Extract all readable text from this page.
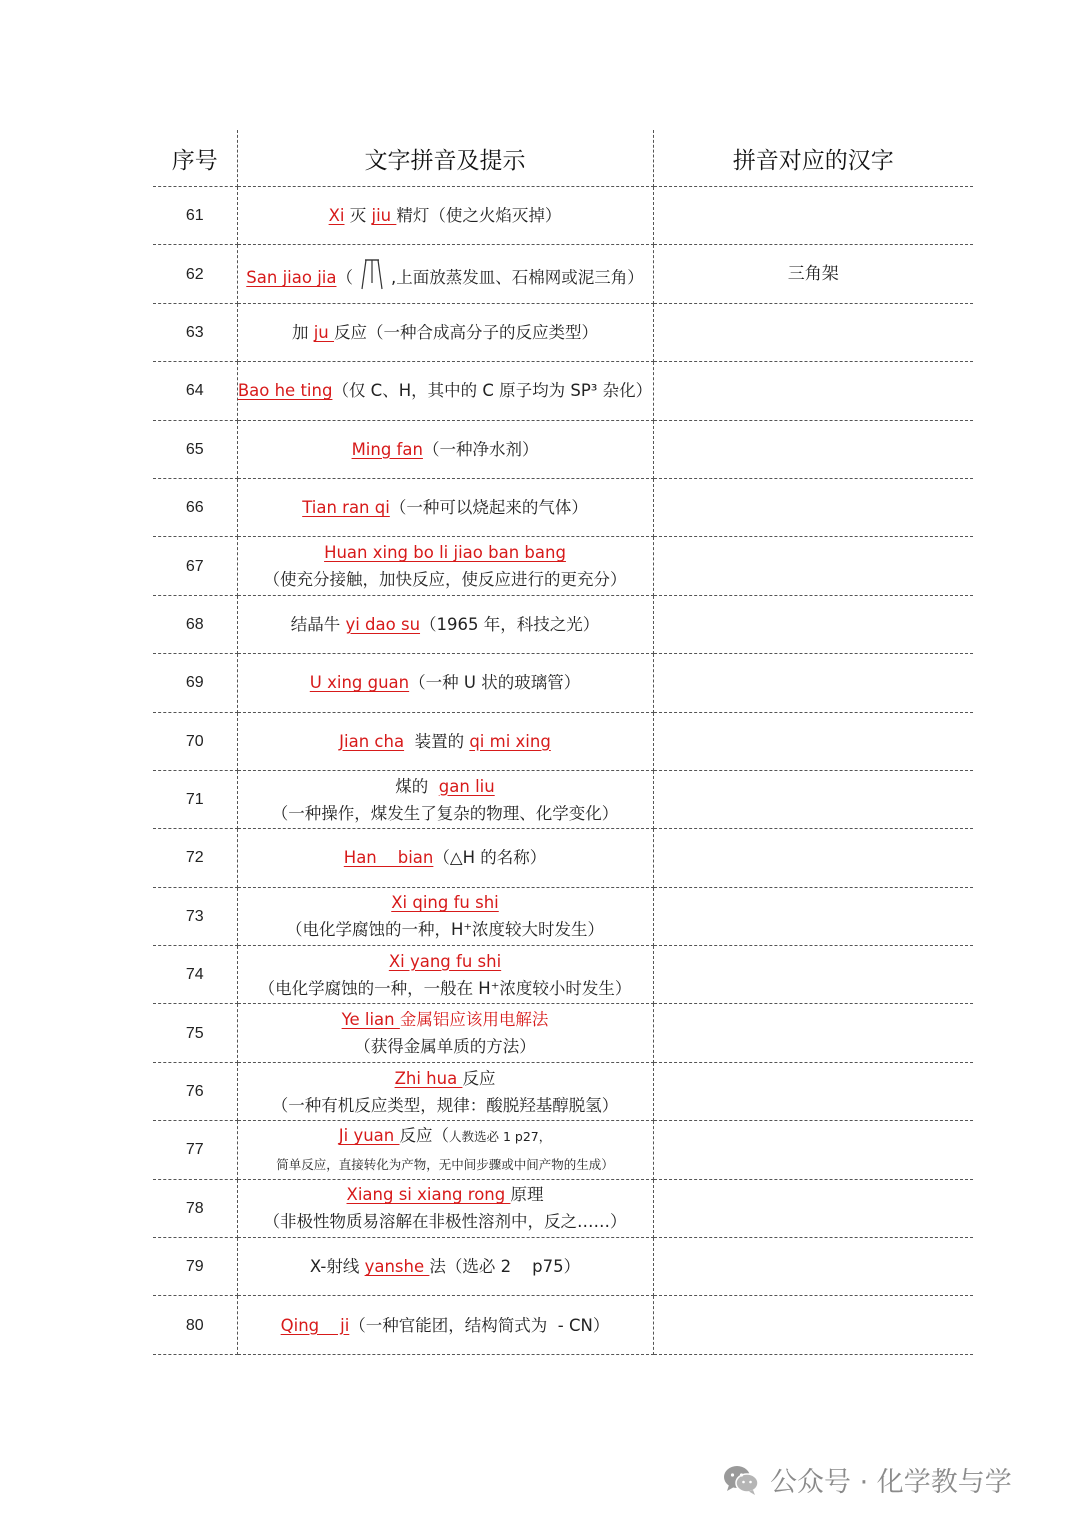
序号	文字拼音及提示	拼音对应的汉字
61	Xi 灭 jiu 精灯（使之火焰灭掉）	

62	San jiao jia（ ,上面放蒸发皿、石棉网或泥三角）	三角架
63	加 ju 反应（一种合成高分子的反应类型）	

64	Bao he ting（仅 C、H，其中的 C 原子均为 SP³ 杂化）	

65	Ming fan（一种净水剂）	

66	Tian ran qi（一种可以烧起来的气体）	

67	Huan xing bo li jiao ban bang
（使充分接触，加快反应，使反应进行的更充分）	

68	结晶牛 yi dao su（1965 年，科技之光）	

69	U xing guan（一种 U 状的玻璃管）	

70	Jian cha  装置的 qi mi xing	

71	煤的  gan liu
（一种操作，煤发生了复杂的物理、化学变化）	

72	Han    bian（△H 的名称）	

73	Xi qing fu shi
（电化学腐蚀的一种，H⁺浓度较大时发生）	

74	Xi yang fu shi
（电化学腐蚀的一种，一般在 H⁺浓度较小时发生）	

75	Ye lian 金属铝应该用电解法
（获得金属单质的方法）	

76	Zhi hua 反应
（一种有机反应类型，规律：酸脱羟基醇脱氢）	

77	Ji yuan 反应（人教选必 1 p27，
简单反应，直接转化为产物，无中间步骤或中间产物的生成）	

78	Xiang si xiang rong 原理
（非极性物质易溶解在非极性溶剂中，反之……）	

79	X-射线 yanshe 法（选必 2    p75）	

80	Qing    ji（一种官能团，结构简式为  - CN）	

公众号 · 化学教与学
